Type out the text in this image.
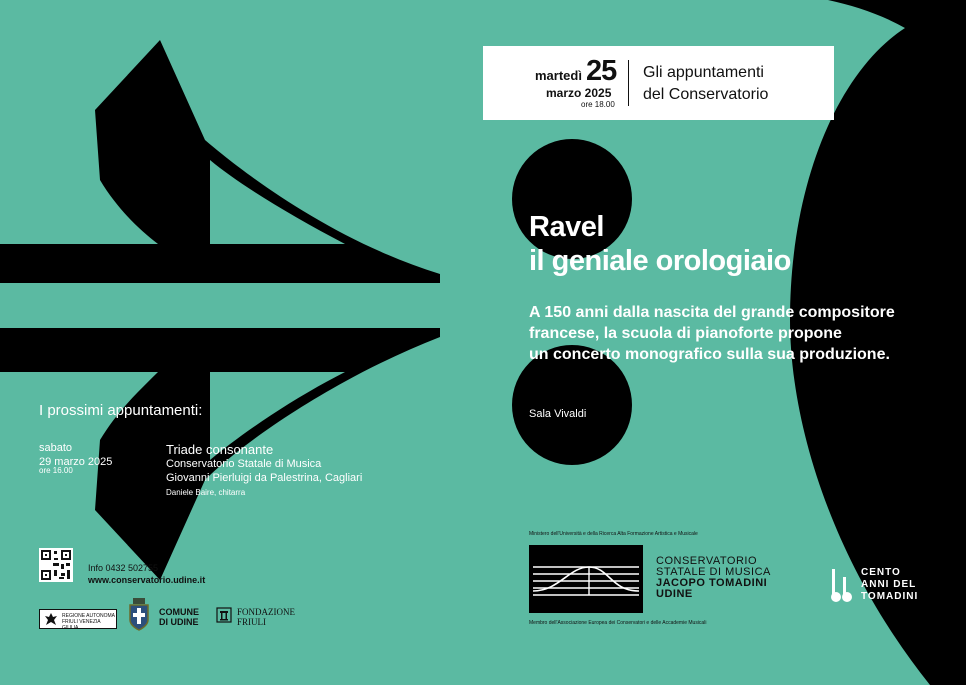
martedì 25
marzo 2025
ore 18.00
Gli appuntamenti
del Conservatorio
Ravel
il geniale orologiaio
A 150 anni dalla nascita del grande compositore
francese, la scuola di pianoforte propone
un concerto monografico sulla sua produzione.
Sala Vivaldi
I prossimi appuntamenti:
sabato
29 marzo 2025
ore 16.00
Triade consonante
Conservatorio Statale di Musica
Giovanni Pierluigi da Palestrina, Cagliari
Daniele Baire, chitarra
Info 0432 502755
www.conservatorio.udine.it
REGIONE AUTONOMA
FRIULI VENEZIA GIULIA
COMUNE
DI UDINE
FONDAZIONE
FRIULI
Ministero dell'Università e della Ricerca Alta Formazione Artistica e Musicale
CONSERVATORIO
STATALE DI MUSICA
JACOPO TOMADINI
UDINE
Membro dell'Associazione Europea dei Conservatori e delle Accademie Musicali
CENTO
ANNI DEL
TOMADINI
